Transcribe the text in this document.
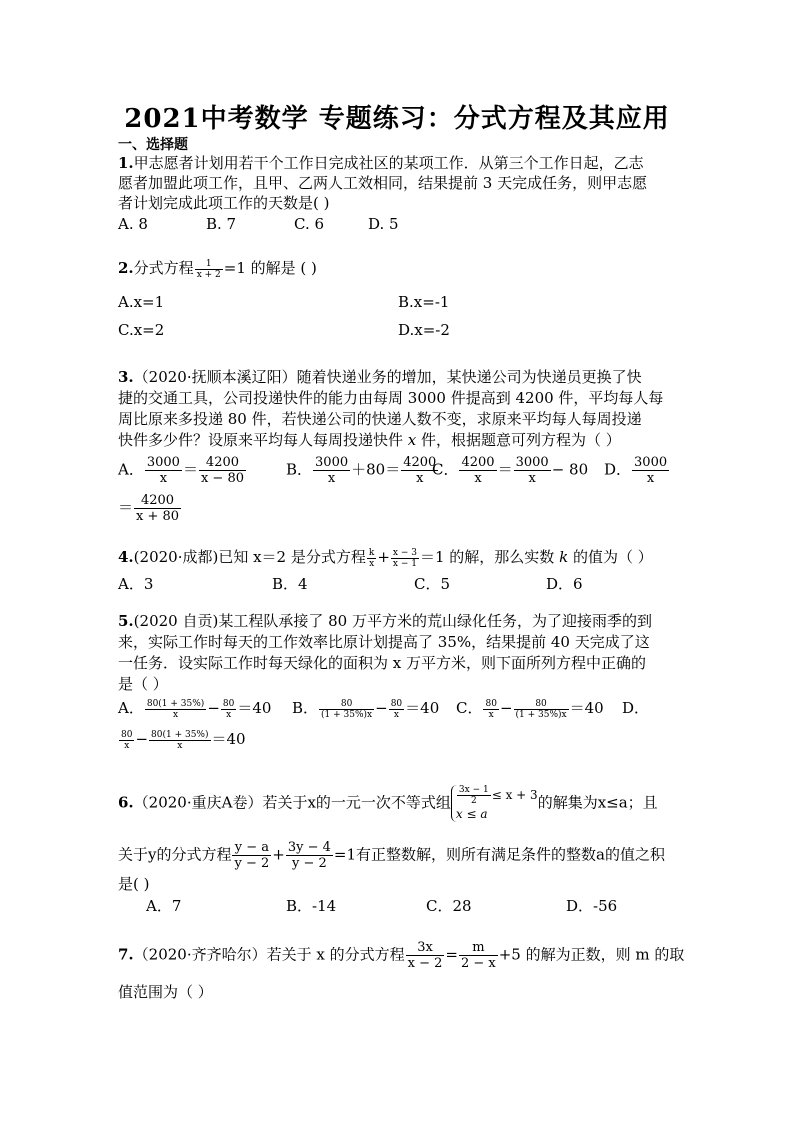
2021中考数学 专题练习：分式方程及其应用
一、选择题
1.甲志愿者计划用若干个工作日完成社区的某项工作．从第三个工作日起，乙志
愿者加盟此项工作，且甲、乙两人工效相同，结果提前 3 天完成任务，则甲志愿
者计划完成此项工作的天数是( )
A. 8	B. 7	C. 6	D. 5
2.分式方程 $\frac{1}{x + 2} =1$ 的解是 ( )
A.x=1	B.x=-1
C.x=2	D.x=-2
3.（2020·抚顺本溪辽阳）随着快递业务的增加，某快递公司为快递员更换了快
捷的交通工具，公司投递快件的能力由每周 3000 件提高到 4200 件，平均每人每
周比原来多投递 80 件，若快递公司的快递人数不变，求原来平均每人每周投递
快件多少件？设原来平均每人每周投递快件 x 件，根据题意可列方程为（ ）
A． $\frac{3000}{x} = \frac{4200}{x - 80}$	B． $\frac{3000}{x} +80= \frac{4200}{x}$
C． $\frac{4200}{x} = \frac{3000}{x} - 80$ D． $\frac{3000}{x}$
＝ $\frac{4200}{x + 80}$
4.(2020·成都)已知 x＝2 是分式方程 $\frac{k}{x} + \frac{x - 3}{x - 1} =1$ 的解，那么实数 k 的值为（ ）
A．3	B．4	C．5	D．6
5.(2020 自贡)某工程队承接了 80 万平方米的荒山绿化任务，为了迎接雨季的到
来，实际工作时每天的工作效率比原计划提高了 35%，结果提前 40 天完成了这
一任务．设实际工作时每天绿化的面积为 x 万平方米，则下面所列方程中正确的
是（ ）
A． $\frac{80(1 + 35\%)}{x} - \frac{80}{x} =40$ B． $\frac{80}{(1 + 35\%)x} - \frac{80}{x} =40$ C． $\frac{80}{x} - \frac{80}{(1 + 35\%)x} =40$ D．
$\frac{80}{x} - \frac{80(1 + 35\%)}{x} =40$
6.（2020·重庆A卷）若关于x的一元一次不等式组 $\frac{3x - 1}{2} \le x + 3$
x ≤ a的解集为x≤a；且
关于y的分式方程 $\frac{y - a}{y - 2} + \frac{3y - 4}{y - 2} =1$有正整数解，则所有满足条件的整数a的值之积
是( )
A．7	B．-14	C．28	D．-56
7.（2020·齐齐哈尔）若关于 x 的分式方程 $\frac{3x}{x - 2} = \frac{m}{2 - x} +5$ 的解为正数，则 m 的取
值范围为（ ）
